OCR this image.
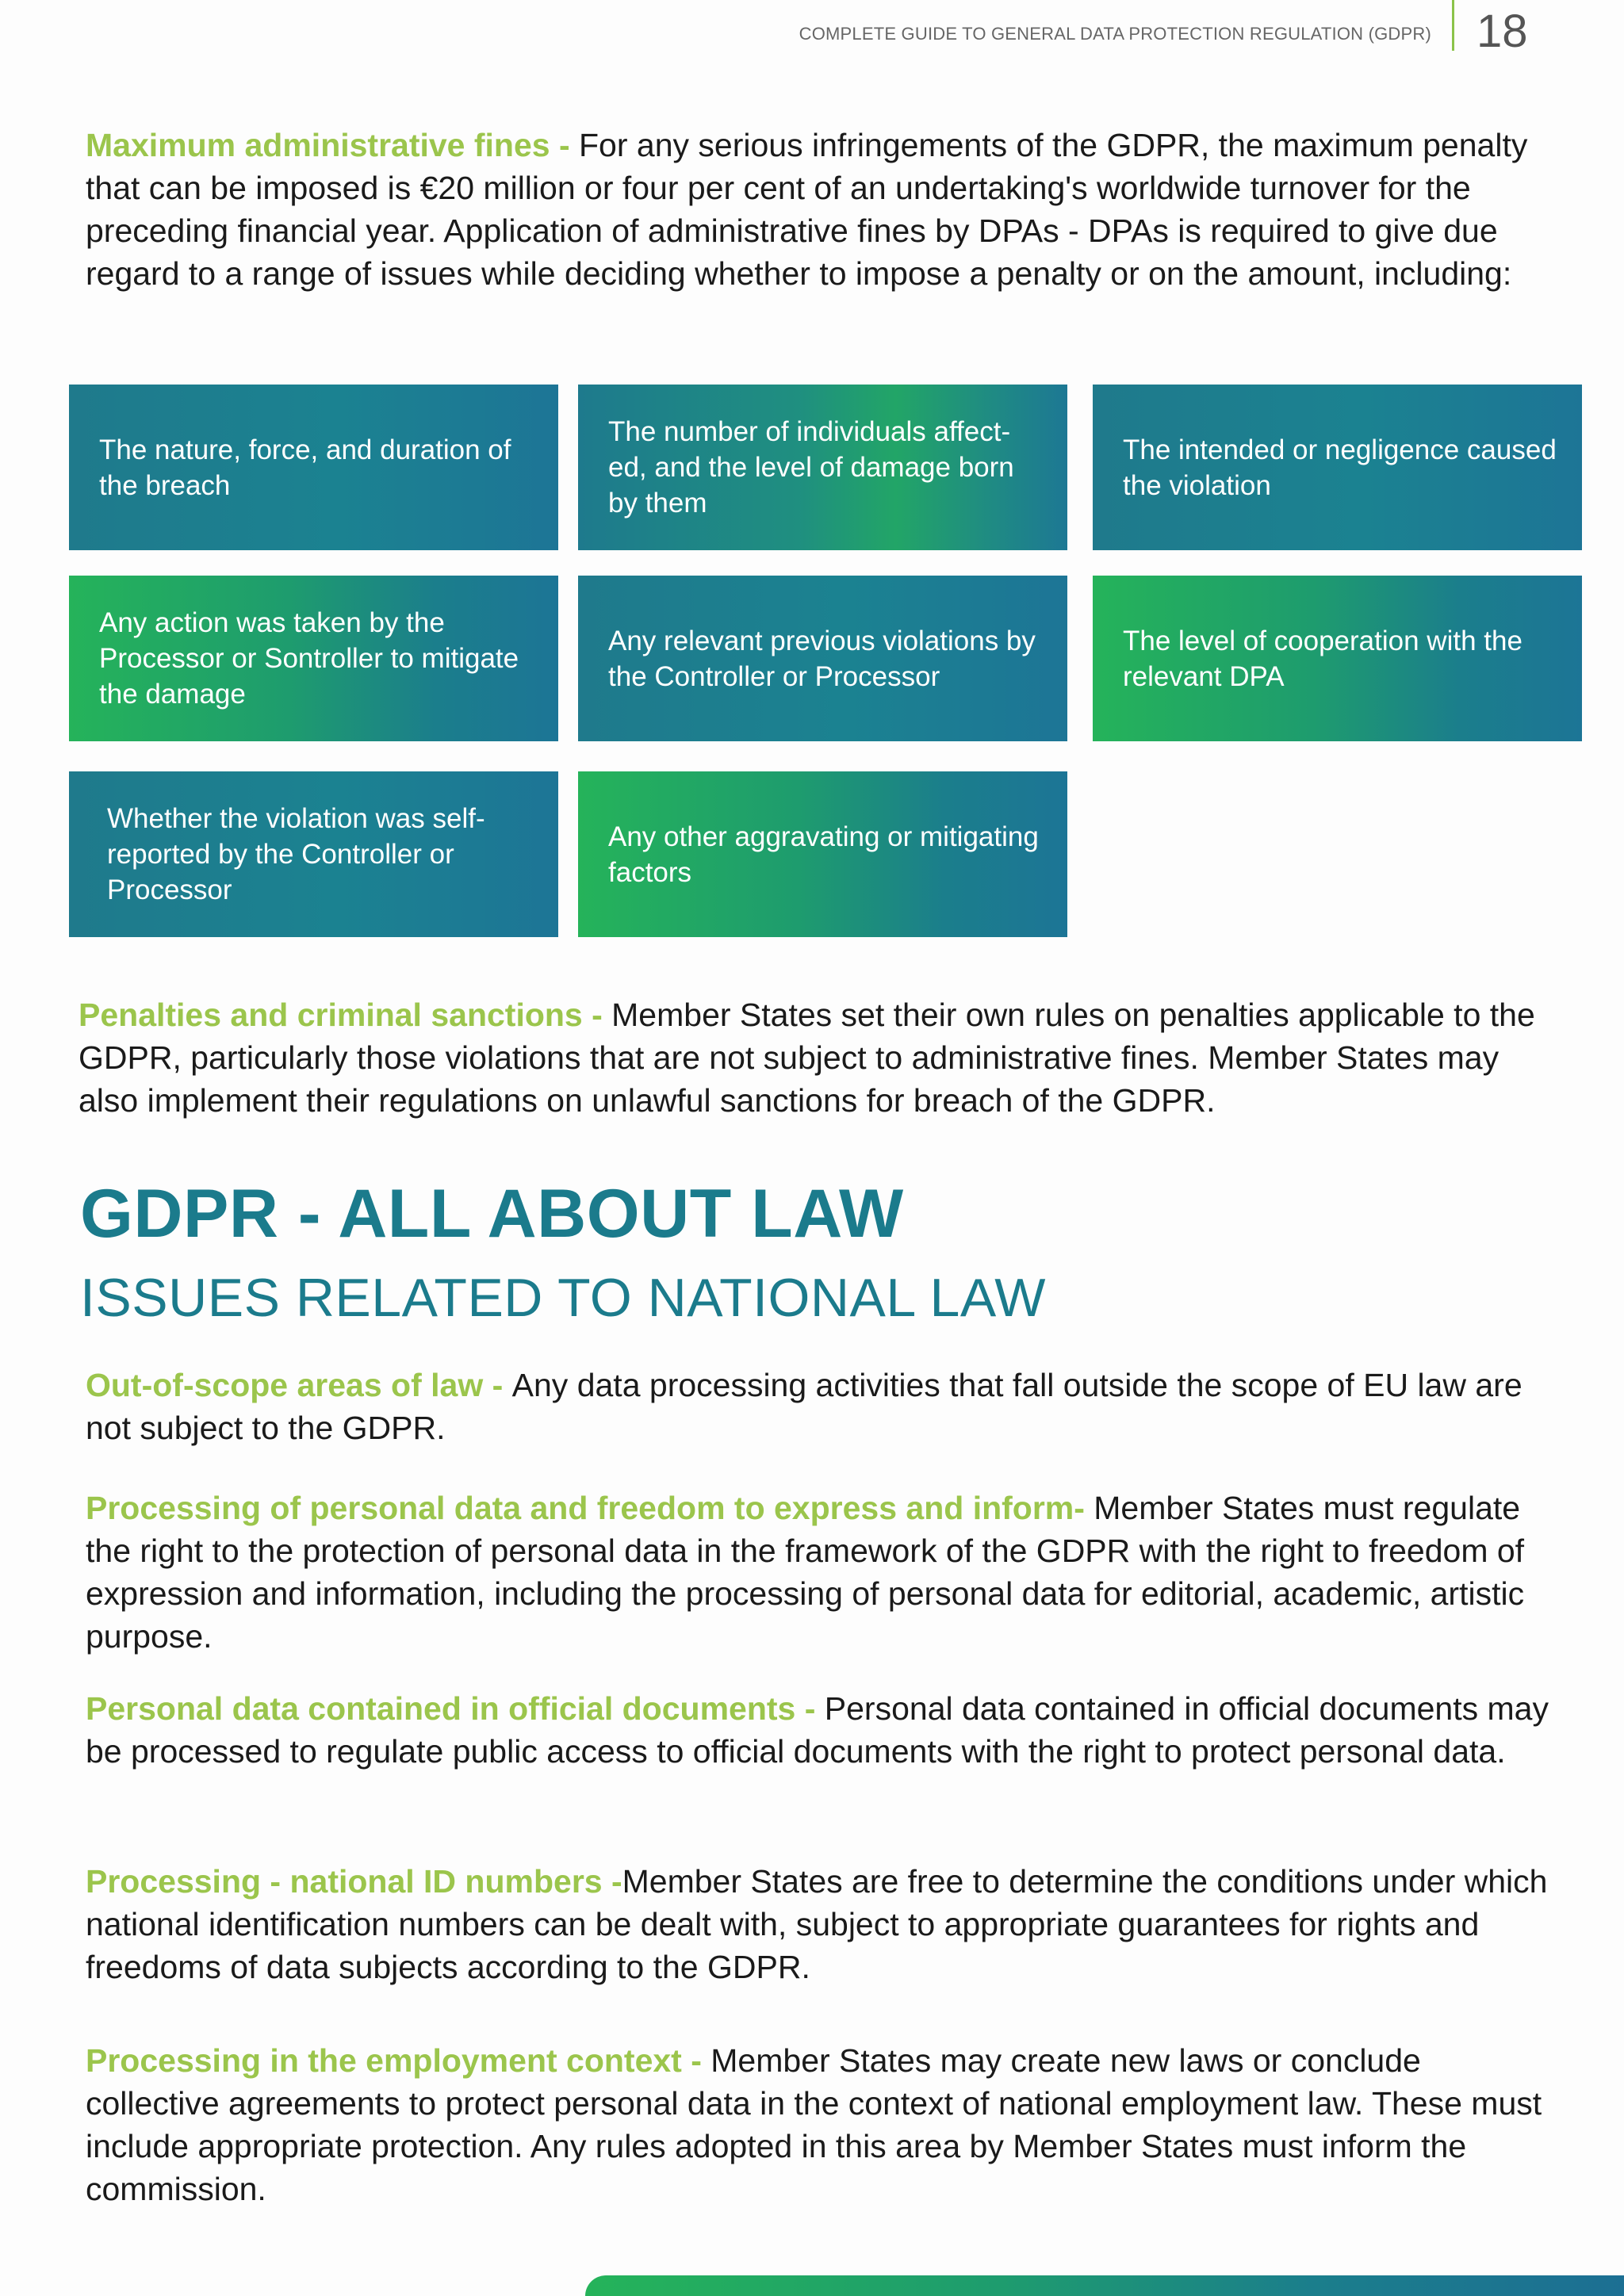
COMPLETE GUIDE TO GENERAL DATA PROTECTION REGULATION (GDPR) 18
Maximum administrative fines - For any serious infringements of the GDPR, the maximum penalty that can be imposed is €20 million or four per cent of an undertaking's worldwide turnover for the preceding financial year. Application of administrative fines by DPAs - DPAs is required to give due regard to a range of issues while deciding whether to impose a penalty or on the amount, including:
The nature, force, and duration of the breach
The number of individuals affect-ed, and the level of damage born by them
The intended or negligence caused the violation
Any action was taken by the Processor or Sontroller to mitigate the damage
Any relevant previous violations by the Controller or Processor
The level of cooperation with the relevant DPA
Whether the violation was self-reported by the Controller or Processor
Any other aggravating or mitigating factors
Penalties and criminal sanctions - Member States set their own rules on penalties applicable to the GDPR, particularly those violations that are not subject to administrative fines. Member States may also implement their regulations on unlawful sanctions for breach of the GDPR.
GDPR - ALL ABOUT LAW
ISSUES RELATED TO NATIONAL LAW
Out-of-scope areas of law - Any data processing activities that fall outside the scope of EU law are not subject to the GDPR.
Processing of personal data and freedom to express and inform- Member States must regulate the right to the protection of personal data in the framework of the GDPR with the right to freedom of expression and information, including the processing of personal data for editorial, academic, artistic purpose.
Personal data contained in official documents - Personal data contained in official documents may be processed to regulate public access to official documents with the right to protect personal data.
Processing - national ID numbers -Member States are free to determine the conditions under which national identification numbers can be dealt with, subject to appropriate guarantees for rights and freedoms of data subjects according to the GDPR.
Processing in the employment context - Member States may create new laws or conclude collective agreements to protect personal data in the context of national employment law. These must include appropriate protection. Any rules adopted in this area by Member States must inform the commission.
